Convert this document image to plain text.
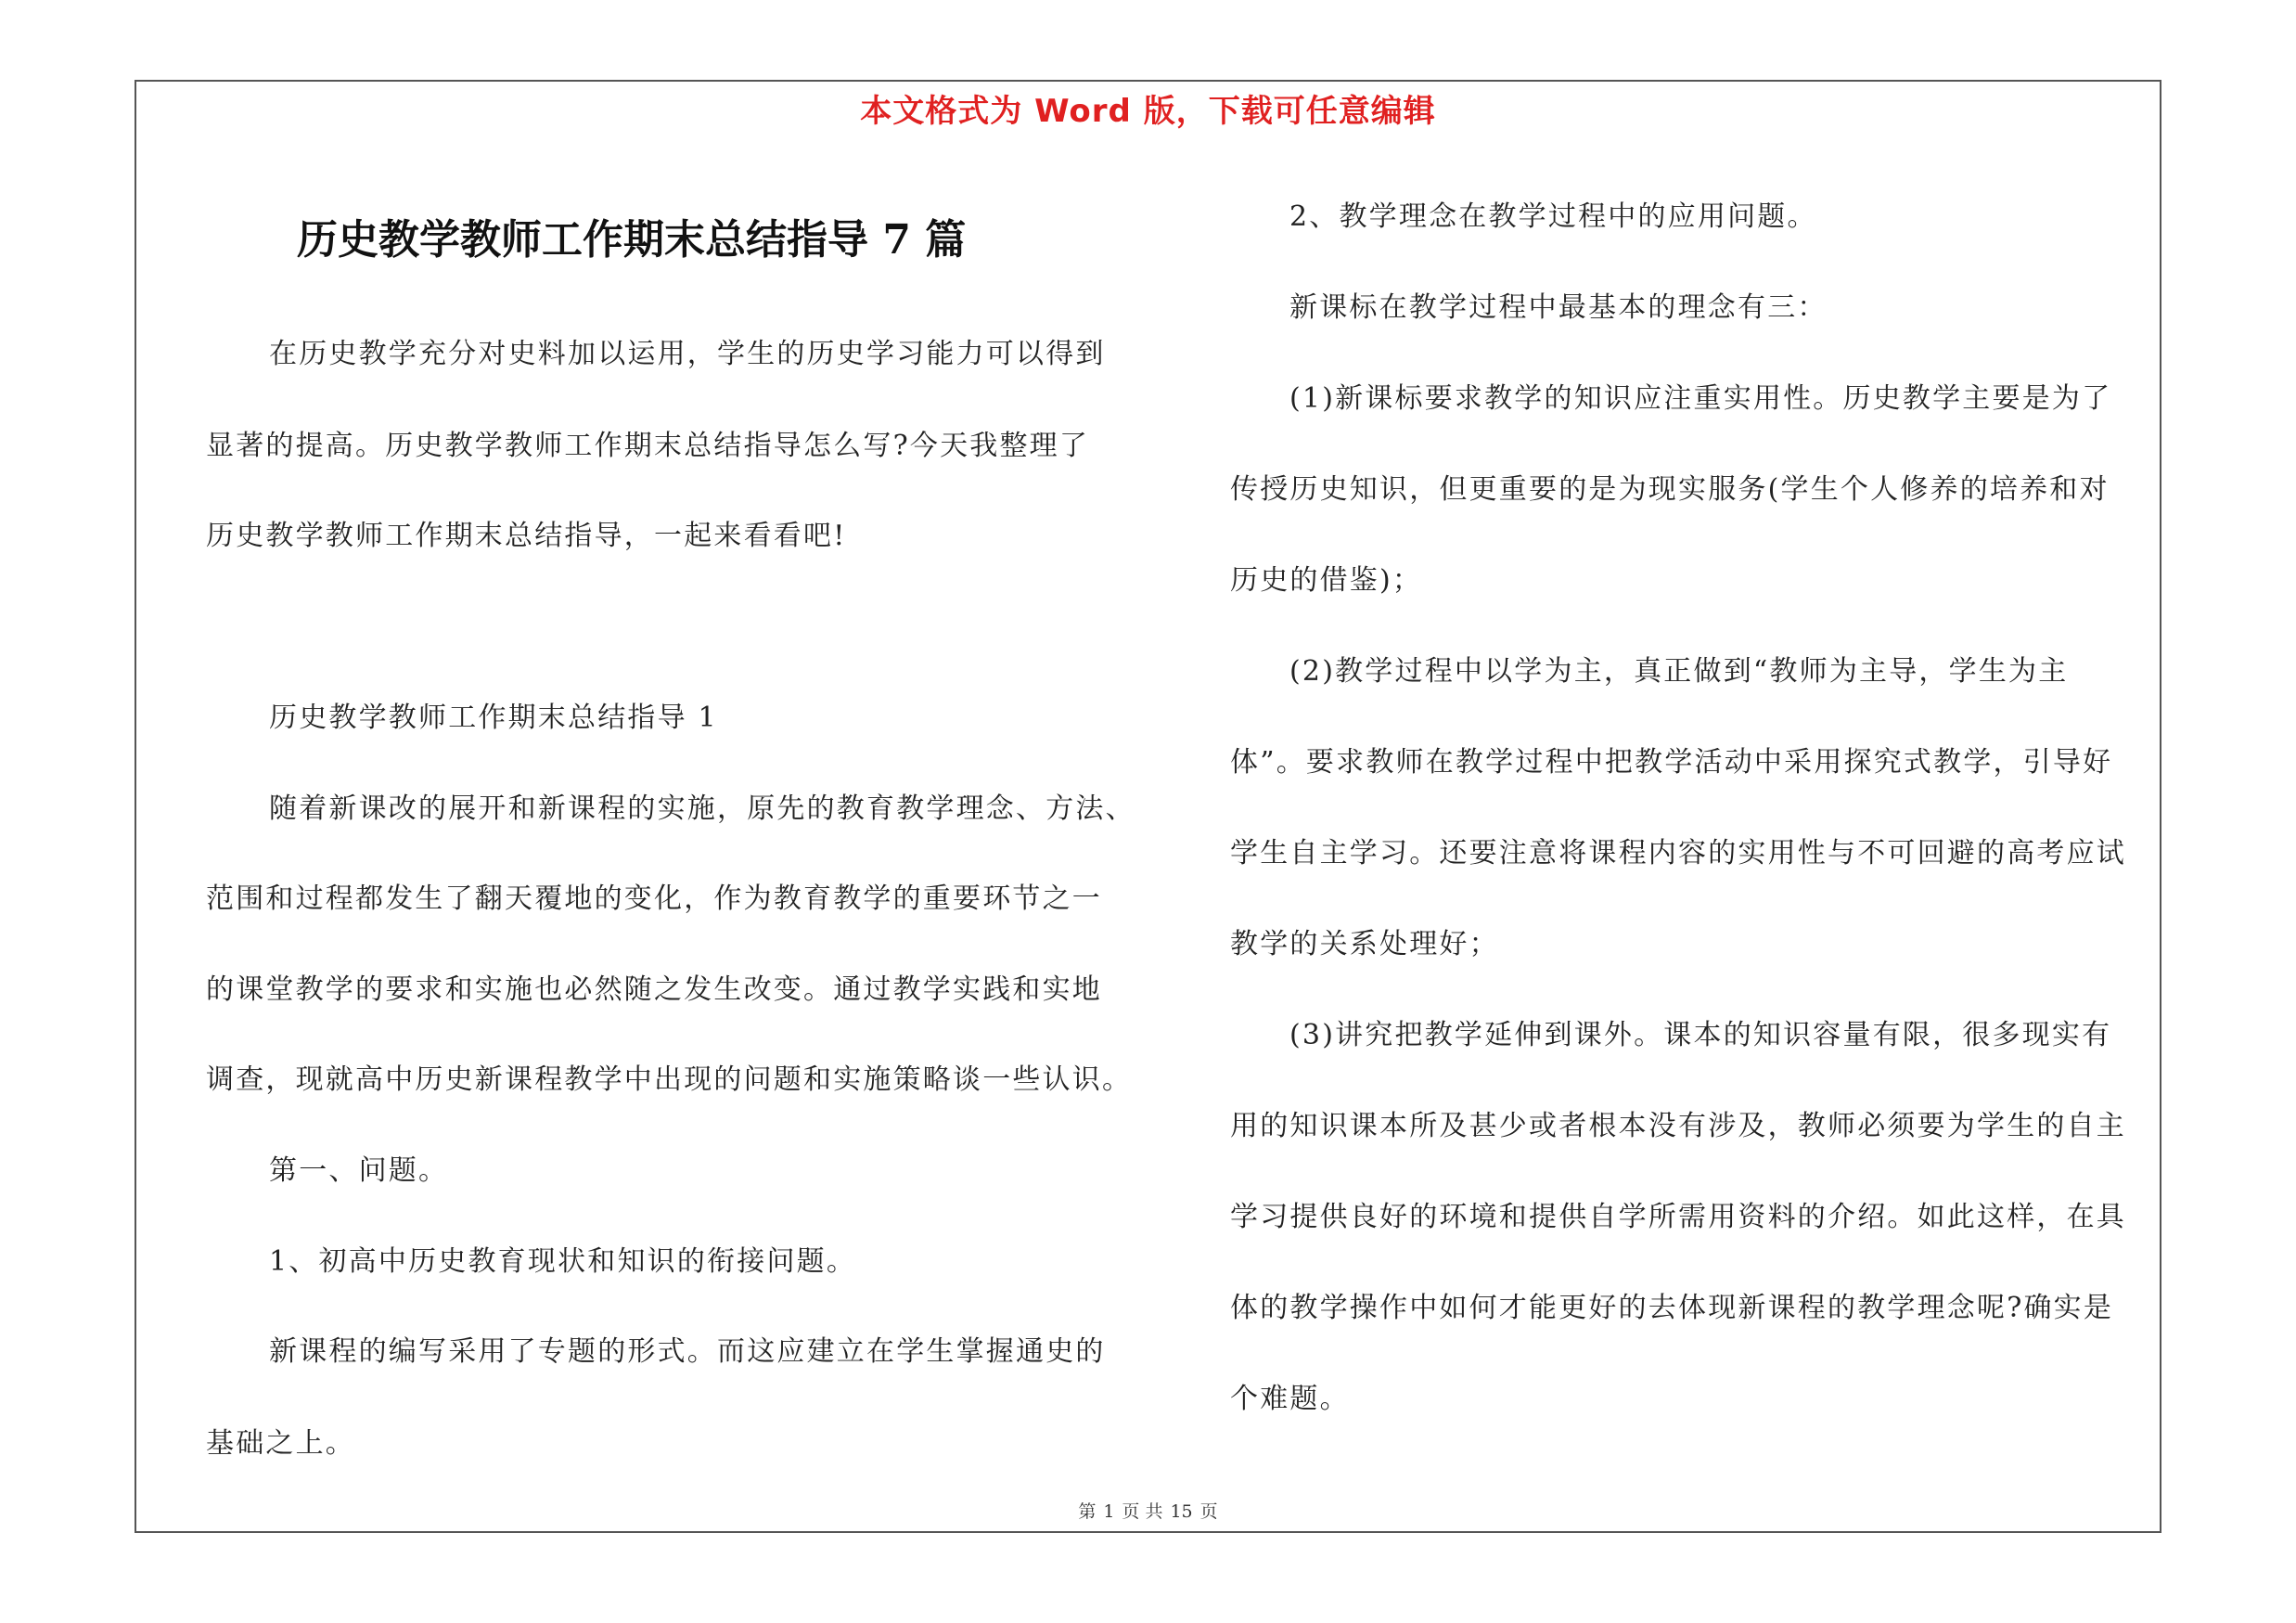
本文格式为 Word 版，下载可任意编辑
历史教学教师工作期末总结指导 7 篇
在历史教学充分对史料加以运用，学生的历史学习能力可以得到
显著的提高。历史教学教师工作期末总结指导怎么写?今天我整理了
历史教学教师工作期末总结指导，一起来看看吧!
历史教学教师工作期末总结指导 1
随着新课改的展开和新课程的实施，原先的教育教学理念、方法、
范围和过程都发生了翻天覆地的变化，作为教育教学的重要环节之一
的课堂教学的要求和实施也必然随之发生改变。通过教学实践和实地
调查，现就高中历史新课程教学中出现的问题和实施策略谈一些认识。
第一、问题。
1、初高中历史教育现状和知识的衔接问题。
新课程的编写采用了专题的形式。而这应建立在学生掌握通史的
基础之上。
2、教学理念在教学过程中的应用问题。
新课标在教学过程中最基本的理念有三：
(1)新课标要求教学的知识应注重实用性。历史教学主要是为了
传授历史知识，但更重要的是为现实服务(学生个人修养的培养和对
历史的借鉴)；
(2)教学过程中以学为主，真正做到“教师为主导，学生为主
体”。要求教师在教学过程中把教学活动中采用探究式教学，引导好
学生自主学习。还要注意将课程内容的实用性与不可回避的高考应试
教学的关系处理好；
(3)讲究把教学延伸到课外。课本的知识容量有限，很多现实有
用的知识课本所及甚少或者根本没有涉及，教师必须要为学生的自主
学习提供良好的环境和提供自学所需用资料的介绍。如此这样，在具
体的教学操作中如何才能更好的去体现新课程的教学理念呢?确实是
个难题。
第 1 页 共 15 页
